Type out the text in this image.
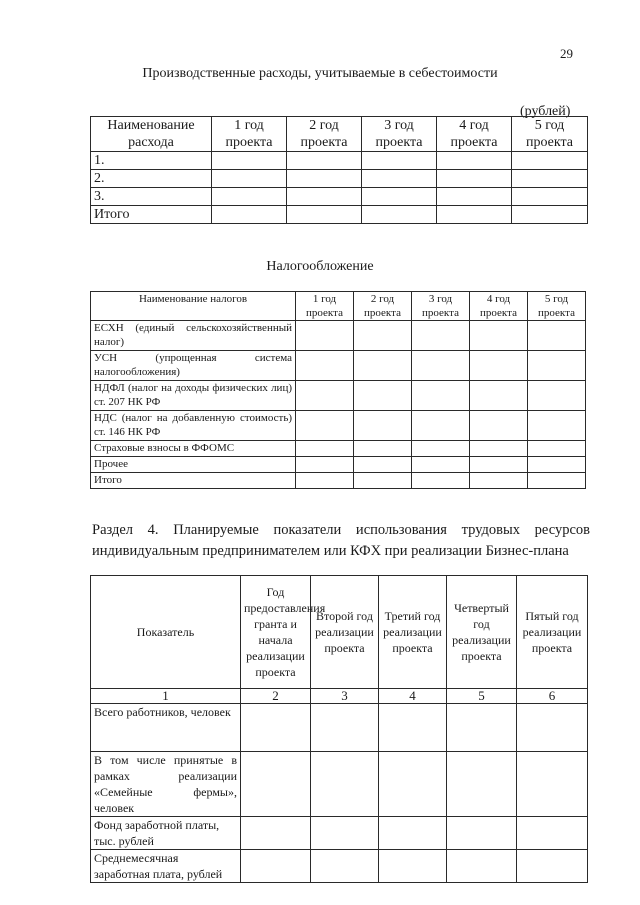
29
Производственные расходы, учитываемые в себестоимости
(рублей)
Наименование расхода	1 год проекта	2 год проекта	3 год проекта	4 год проекта	5 год проекта
1.					
2.					
3.					
Итого					
Налогообложение
Наименование налогов	1 год проекта	2 год проекта	3 год проекта	4 год проекта	5 год проекта
ЕСХН (единый сельскохозяйственный налог)					
УСН (упрощенная система налогообложения)					
НДФЛ (налог на доходы физических лиц) ст. 207 НК РФ					
НДС (налог на добавленную стоимость) ст. 146 НК РФ					
Страховые взносы в ФФОМС					
Прочее					
Итого					
Раздел 4. Планируемые показатели использования трудовых ресурсов индивидуальным предпринимателем или КФХ при реализации Бизнес-плана
Показатель	Год предоставления гранта и начала реализации проекта	Второй год реализации проекта	Третий год реализации проекта	Четвертый год реализации проекта	Пятый год реализации проекта
1	2	3	4	5	6
Всего работников, человек					
В том числе принятые в рамках реализации «Семейные фермы», человек					
Фонд заработной платы, тыс. рублей					
Среднемесячная заработная плата, рублей					
